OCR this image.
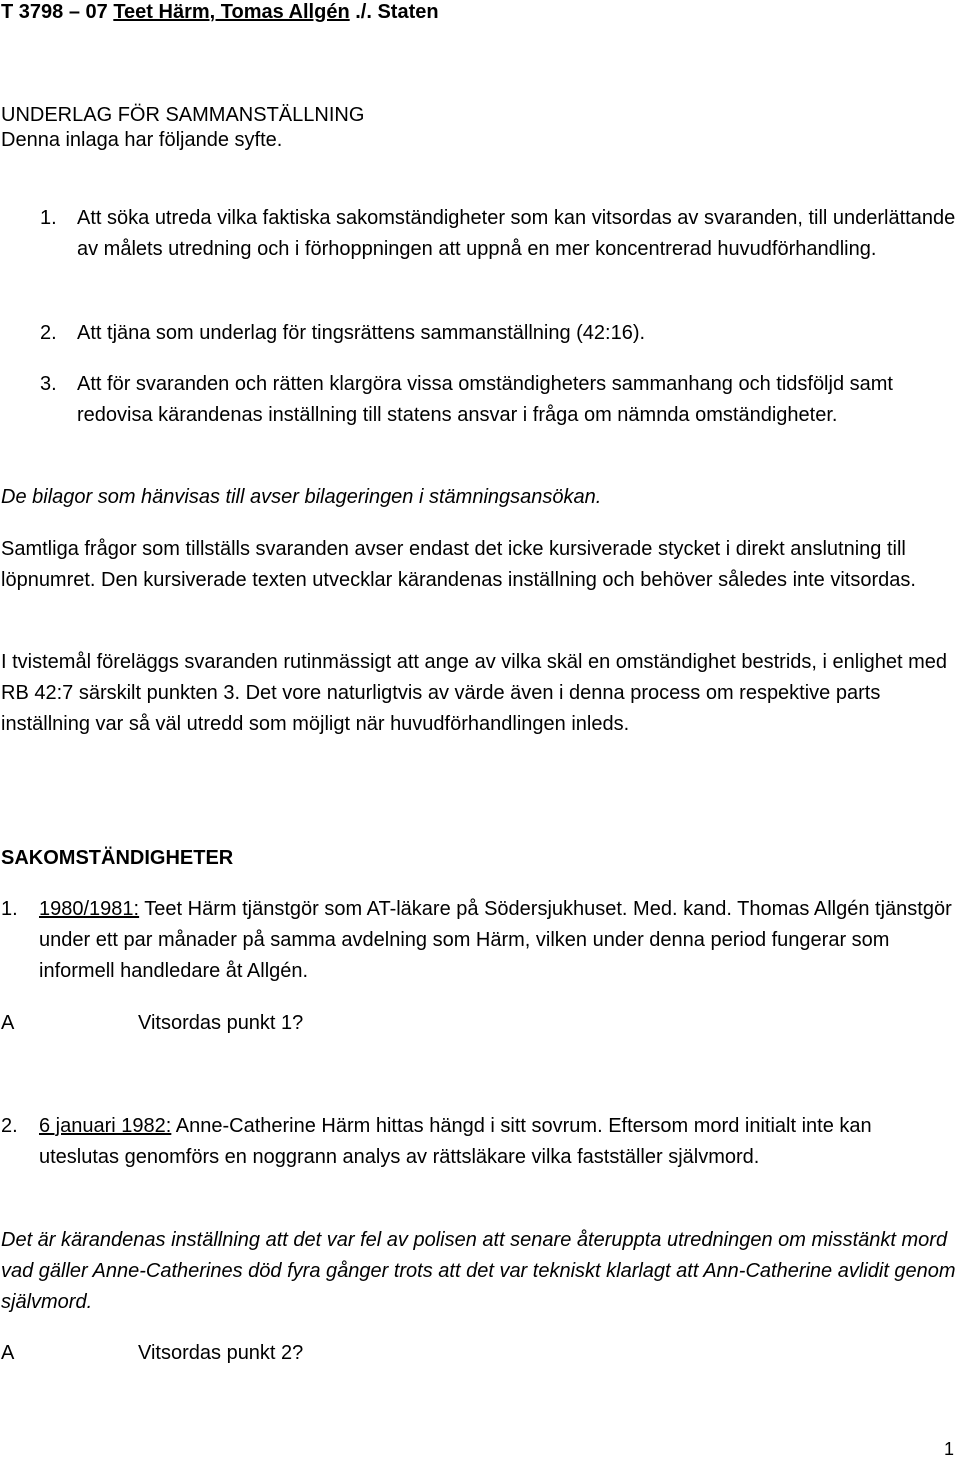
T 3798 – 07 Teet Härm, Tomas Allgén ./. Staten
UNDERLAG FÖR SAMMANSTÄLLNING
Denna inlaga har följande syfte.
1.	Att söka utreda vilka faktiska sakomständigheter som kan vitsordas av svaranden, till underlättande av målets utredning och i förhoppningen att uppnå en mer koncentrerad huvudförhandling.
2.	Att tjäna som underlag för tingsrättens sammanställning (42:16).
3.	Att för svaranden och rätten klargöra vissa omständigheters sammanhang och tidsföljd samt redovisa kärandenas inställning till statens ansvar i fråga om nämnda omständigheter.
De bilagor som hänvisas till avser bilageringen i stämningsansökan.
Samtliga frågor som tillställs svaranden avser endast det icke kursiverade stycket i direkt anslutning till löpnumret. Den kursiverade texten utvecklar kärandenas inställning och behöver således inte vitsordas.
I tvistemål föreläggs svaranden rutinmässigt att ange av vilka skäl en omständighet bestrids, i enlighet med RB 42:7 särskilt punkten 3. Det vore naturligtvis av värde även i denna process om respektive parts inställning var så väl utredd som möjligt när huvudförhandlingen inleds.
SAKOMSTÄNDIGHETER
1.	1980/1981: Teet Härm tjänstgör som AT-läkare på Södersjukhuset. Med. kand. Thomas Allgén tjänstgör under ett par månader på samma avdelning som Härm, vilken under denna period fungerar som informell handledare åt Allgén.
A	Vitsordas punkt 1?
2.	6 januari 1982: Anne-Catherine Härm hittas hängd i sitt sovrum. Eftersom mord initialt inte kan uteslutas genomförs en noggrann analys av rättsläkare vilka fastställer självmord.
Det är kärandenas inställning att det var fel av polisen att senare återuppta utredningen om misstänkt mord vad gäller Anne-Catherines död fyra gånger trots att det var tekniskt klarlagt att Ann-Catherine avlidit genom självmord.
A	Vitsordas punkt 2?
1
